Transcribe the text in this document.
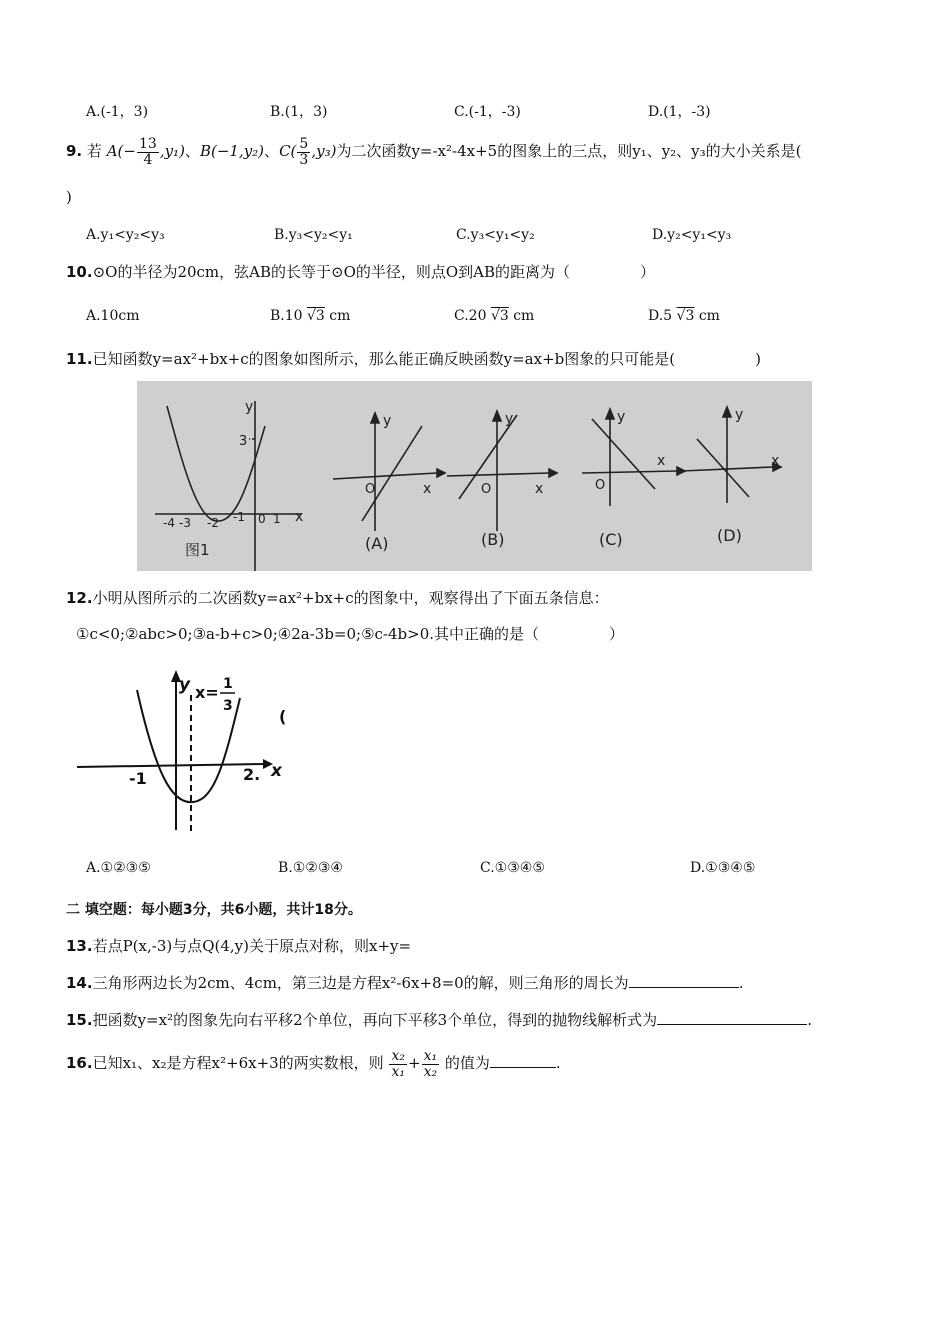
A.(-1，3)	B.(1，3)	C.(-1，-3)	D.(1，-3)
9. 若 $A(- \frac{13}{4} ,y_1)$、B(−1,y₂)、$C( \frac{5}{3} ,y_3)$为二次函数y=-x²-4x+5的图象上的三点，则y₁、y₂、y₃的大小关系是(
)
A.y₁<y₂<y₃	B.y₃<y₂<y₁	C.y₃<y₁<y₂	D.y₂<y₁<y₃
10.⊙O的半径为20cm，弦AB的长等于⊙O的半径，则点O到AB的距离为（	）
A.10cm	B.10 √3 cm	C.20 √3 cm	D.5 √3 cm
11.已知函数y=ax²+bx+c的图象如图所示，那么能正确反映函数y=ax+b图象的只可能是(	)
y
x
3
-4 -3 -2 -1 0 1
图1
y
x
O
(A)
y
x
O
(B)
y
x
O
(C)
y
x
(D)
12.小明从图所示的二次函数y=ax²+bx+c的图象中，观察得出了下面五条信息：
①c<0;②abc>0;③a-b+c>0;④2a-3b=0;⑤c-4b>0.其中正确的是（	）
y x= 1
3
x
-1	2.
(
A.①②③⑤	B.①②③④	C.①③④⑤	D.①③④⑤
二 填空题：每小题3分，共6小题，共计18分。
13.若点P(x,-3)与点Q(4,y)关于原点对称，则x+y=
14.三角形两边长为2cm、4cm，第三边是方程x²-6x+8=0的解，则三角形的周长为	.
15.把函数y=x²的图象先向右平移2个单位，再向下平移3个单位，得到的抛物线解析式为	.
16.已知x₁、x₂是方程x²+6x+3的两实数根，则 $\frac{\text{x₂}}{\text{x₁}} + \frac{\text{x₁}}{\text{x₂}}$ 的值为	.
